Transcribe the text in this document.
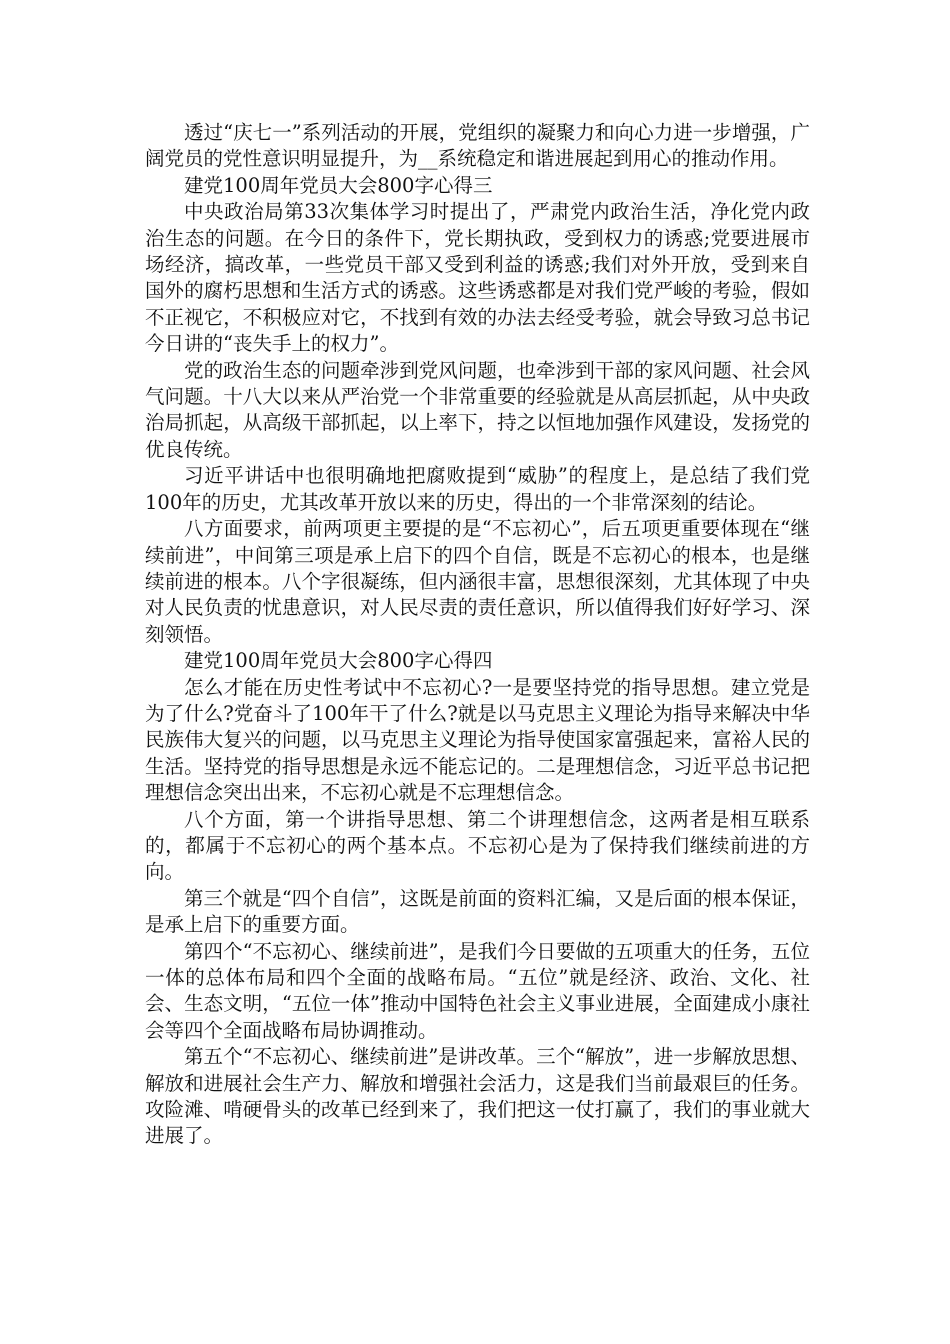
透过“庆七一”系列活动的开展，党组织的凝聚力和向心力进一步增强，广阔党员的党性意识明显提升，为__系统稳定和谐进展起到用心的推动作用。

建党100周年党员大会800字心得三

中央政治局第33次集体学习时提出了，严肃党内政治生活，净化党内政治生态的问题。在今日的条件下，党长期执政，受到权力的诱惑;党要进展市场经济，搞改革，一些党员干部又受到利益的诱惑;我们对外开放，受到来自国外的腐朽思想和生活方式的诱惑。这些诱惑都是对我们党严峻的考验，假如不正视它，不积极应对它，不找到有效的办法去经受考验，就会导致习总书记今日讲的“丧失手上的权力”。

党的政治生态的问题牵涉到党风问题，也牵涉到干部的家风问题、社会风气问题。十八大以来从严治党一个非常重要的经验就是从高层抓起，从中央政治局抓起，从高级干部抓起，以上率下，持之以恒地加强作风建设，发扬党的优良传统。

习近平讲话中也很明确地把腐败提到“威胁”的程度上，是总结了我们党100年的历史，尤其改革开放以来的历史，得出的一个非常深刻的结论。

八方面要求，前两项更主要提的是“不忘初心”，后五项更重要体现在“继续前进”，中间第三项是承上启下的四个自信，既是不忘初心的根本，也是继续前进的根本。八个字很凝练，但内涵很丰富，思想很深刻，尤其体现了中央对人民负责的忧患意识，对人民尽责的责任意识，所以值得我们好好学习、深刻领悟。

建党100周年党员大会800字心得四

怎么才能在历史性考试中不忘初心?一是要坚持党的指导思想。建立党是为了什么?党奋斗了100年干了什么?就是以马克思主义理论为指导来解决中华民族伟大复兴的问题，以马克思主义理论为指导使国家富强起来，富裕人民的生活。坚持党的指导思想是永远不能忘记的。二是理想信念，习近平总书记把理想信念突出出来，不忘初心就是不忘理想信念。

八个方面，第一个讲指导思想、第二个讲理想信念，这两者是相互联系的，都属于不忘初心的两个基本点。不忘初心是为了保持我们继续前进的方向。

第三个就是“四个自信”，这既是前面的资料汇编，又是后面的根本保证，是承上启下的重要方面。

第四个“不忘初心、继续前进”，是我们今日要做的五项重大的任务，五位一体的总体布局和四个全面的战略布局。“五位”就是经济、政治、文化、社会、生态文明，“五位一体”推动中国特色社会主义事业进展，全面建成小康社会等四个全面战略布局协调推动。

第五个“不忘初心、继续前进”是讲改革。三个“解放”，进一步解放思想、解放和进展社会生产力、解放和增强社会活力，这是我们当前最艰巨的任务。攻险滩、啃硬骨头的改革已经到来了，我们把这一仗打赢了，我们的事业就大进展了。
